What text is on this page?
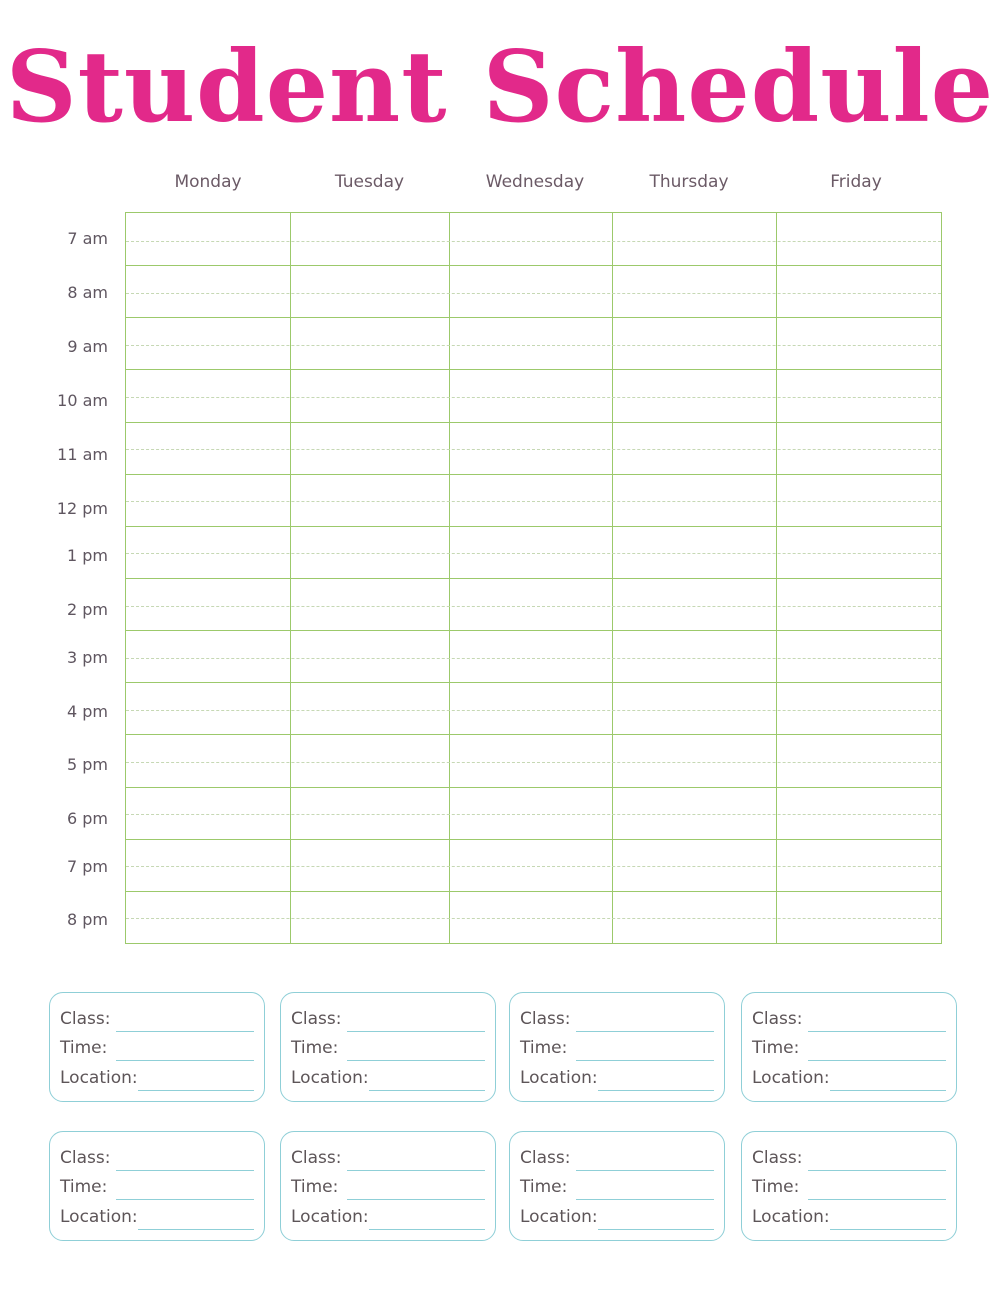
Student Schedule
Monday	Tuesday	Wednesday	Thursday	Friday
7 am
8 am
9 am
10 am
11 am
12 pm
1 pm
2 pm
3 pm
4 pm
5 pm
6 pm
7 pm
8 pm
Class:
Time:
Location:
Class:
Time:
Location:
Class:
Time:
Location:
Class:
Time:
Location:
Class:
Time:
Location:
Class:
Time:
Location:
Class:
Time:
Location:
Class:
Time:
Location:
